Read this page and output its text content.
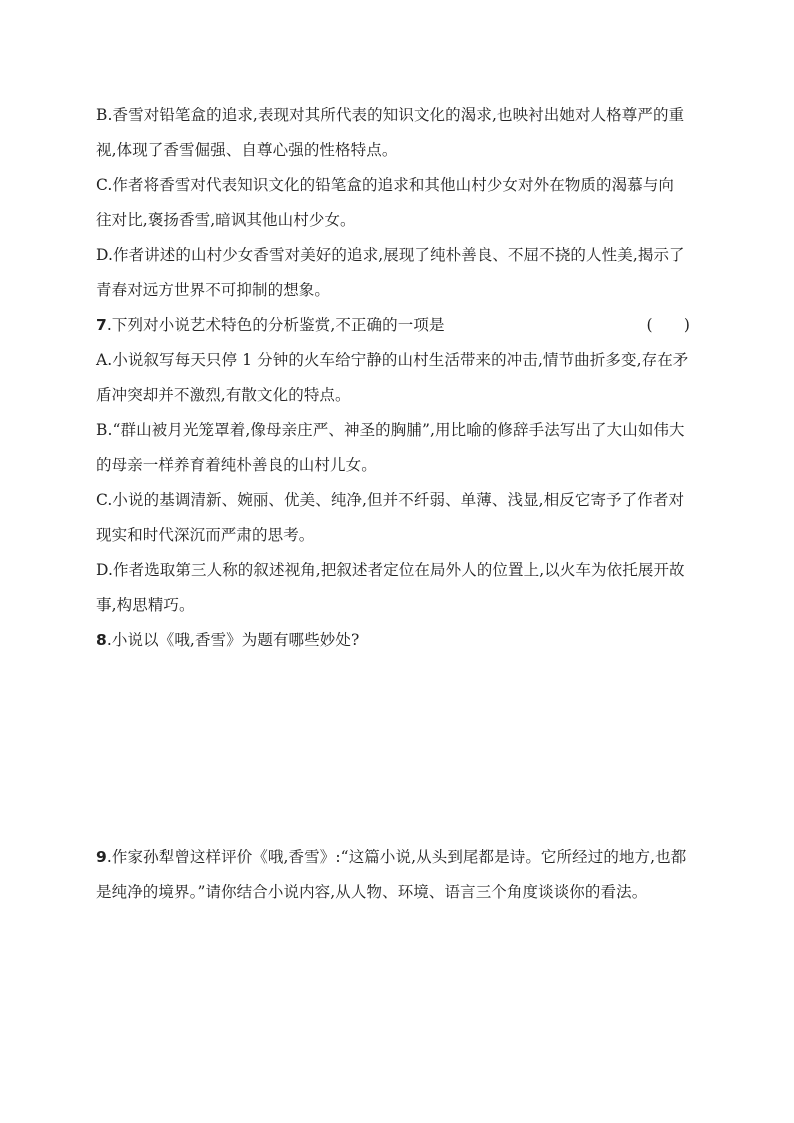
B.香雪对铅笔盒的追求,表现对其所代表的知识文化的渴求,也映衬出她对人格尊严的重
视,体现了香雪倔强、自尊心强的性格特点。
C.作者将香雪对代表知识文化的铅笔盒的追求和其他山村少女对外在物质的渴慕与向
往对比,褒扬香雪,暗讽其他山村少女。
D.作者讲述的山村少女香雪对美好的追求,展现了纯朴善良、不屈不挠的人性美,揭示了
青春对远方世界不可抑制的想象。
7.下列对小说艺术特色的分析鉴赏,不正确的一项是	(　　)
A.小说叙写每天只停 1 分钟的火车给宁静的山村生活带来的冲击,情节曲折多变,存在矛
盾冲突却并不激烈,有散文化的特点。
B.“群山被月光笼罩着,像母亲庄严、神圣的胸脯”,用比喻的修辞手法写出了大山如伟大
的母亲一样养育着纯朴善良的山村儿女。
C.小说的基调清新、婉丽、优美、纯净,但并不纤弱、单薄、浅显,相反它寄予了作者对
现实和时代深沉而严肃的思考。
D.作者选取第三人称的叙述视角,把叙述者定位在局外人的位置上,以火车为依托展开故
事,构思精巧。
8.小说以《哦,香雪》为题有哪些妙处?
9.作家孙犁曾这样评价《哦,香雪》:“这篇小说,从头到尾都是诗。它所经过的地方,也都
是纯净的境界。”请你结合小说内容,从人物、环境、语言三个角度谈谈你的看法。
